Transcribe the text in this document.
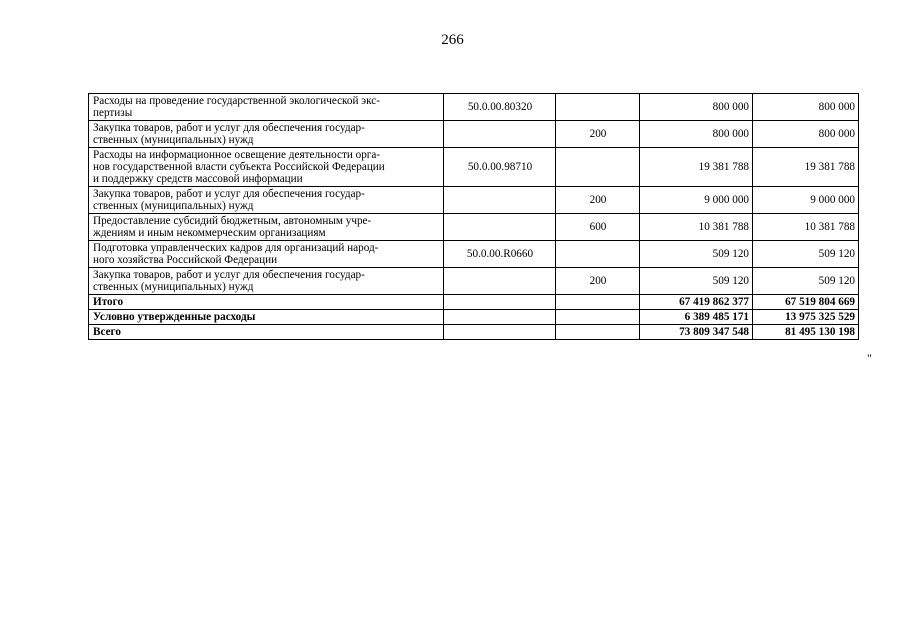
266
Расходы на проведение государственной экологической экс-
пертизы	50.0.00.80320		800 000	800 000

Закупка товаров, работ и услуг для обеспечения государ-
ственных (муниципальных) нужд		200	800 000	800 000

Расходы на информационное освещение деятельности орга-
нов государственной власти субъекта Российской Федерации
и поддержку средств массовой информации	50.0.00.98710		19 381 788	19 381 788

Закупка товаров, работ и услуг для обеспечения государ-
ственных (муниципальных) нужд		200	9 000 000	9 000 000

Предоставление субсидий бюджетным, автономным учре-
ждениям и иным некоммерческим организациям		600	10 381 788	10 381 788

Подготовка управленческих кадров для организаций народ-
ного хозяйства Российской Федерации	50.0.00.R0660		509 120	509 120

Закупка товаров, работ и услуг для обеспечения государ-
ственных (муниципальных) нужд		200	509 120	509 120
Итого			67 419 862 377	67 519 804 669
Условно утвержденные расходы			6 389 485 171	13 975 325 529
Всего			73 809 347 548	81 495 130 198
"
